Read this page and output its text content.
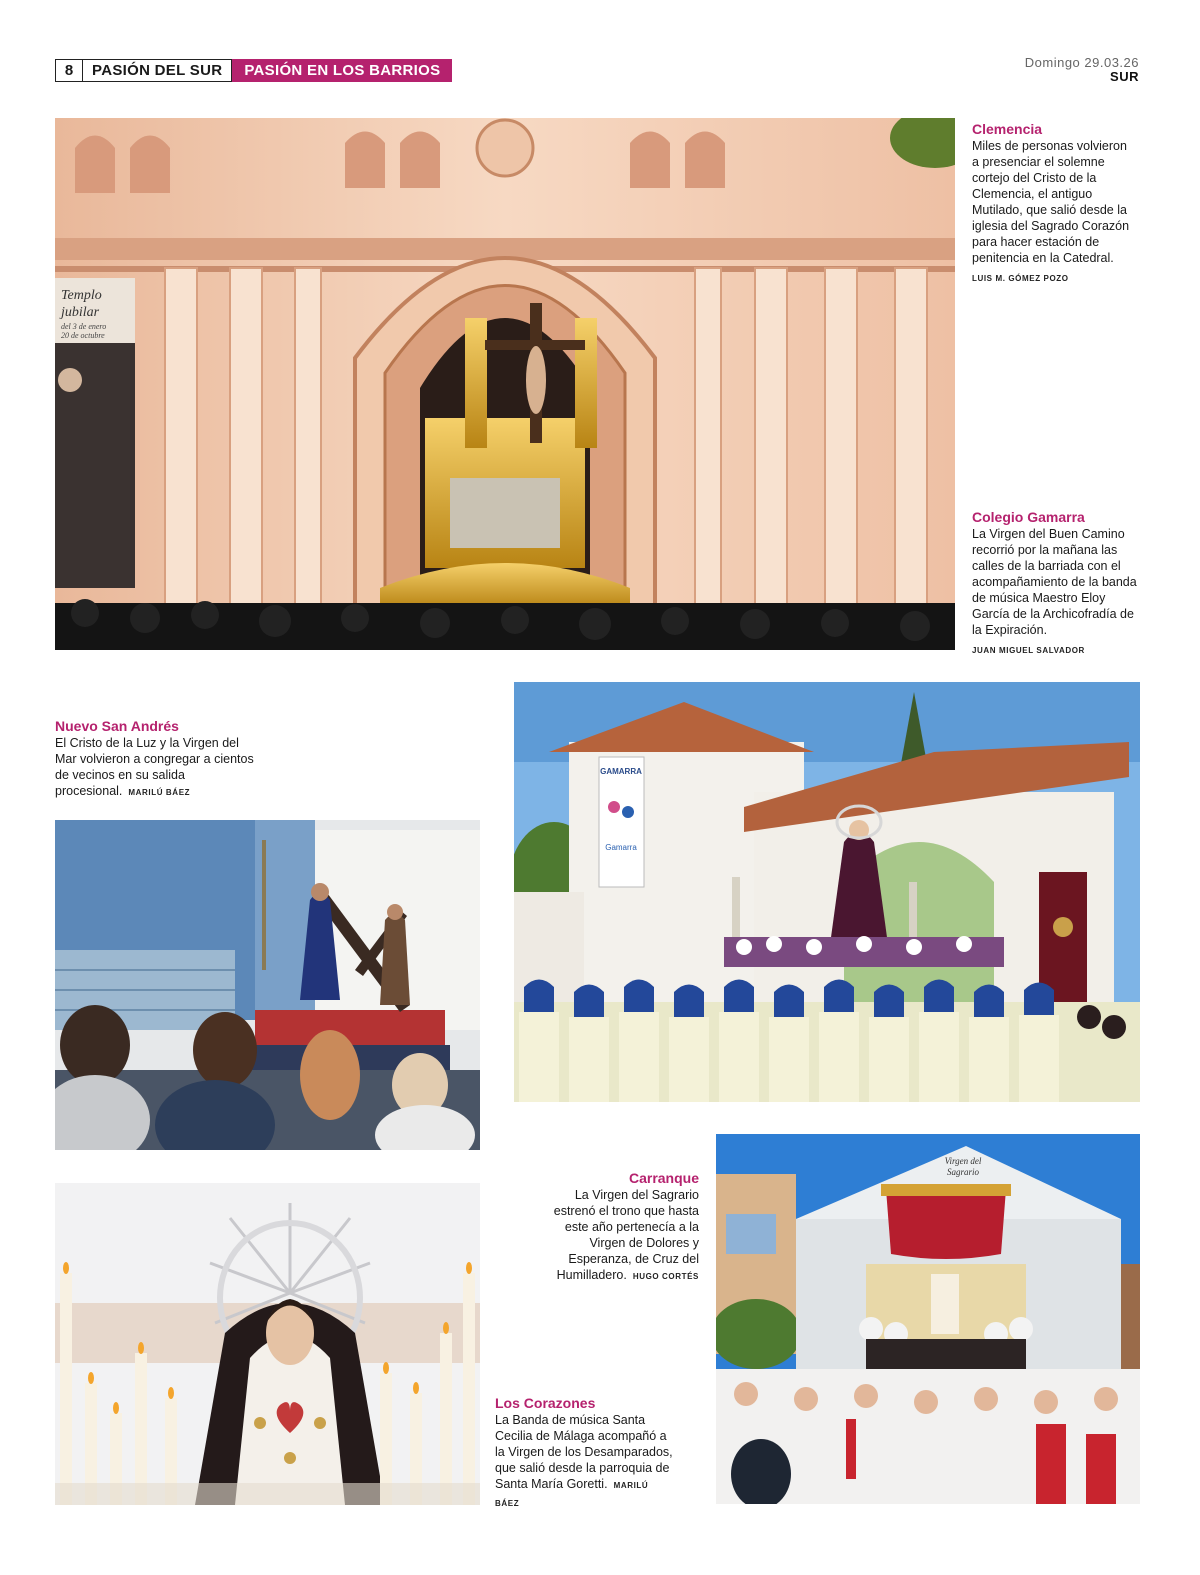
8	PASIÓN DEL SUR	PASIÓN EN LOS BARRIOS	Domingo 29.03.26
SUR
Templo
jubilar
del 3 de enero
20 de octubre
Clemencia

Miles de personas volvieron a presenciar el solemne cortejo del Cristo de la Clemencia, el antiguo Mutilado, que salió desde la iglesia del Sagrado Corazón para hacer estación de penitencia en la Catedral.

LUIS M. GÓMEZ POZO
Colegio Gamarra

La Virgen del Buen Camino recorrió por la mañana las calles de la barriada con el acompañamiento de la banda de música Maestro Eloy García de la Archicofradía de la Expiración.

JUAN MIGUEL SALVADOR
GAMARRA
Gamarra
Nuevo San Andrés

El Cristo de la Luz y la Virgen del Mar volvieron a congregar a cientos de vecinos en su salida procesional. MARILÚ BÁEZ

Carranque

La Virgen del Sagrario estrenó el trono que hasta este año pertenecía a la Virgen de Dolores y Esperanza, de Cruz del Humilladero. HUGO CORTÉS

Virgen del
Sagrario
Los Corazones

La Banda de música Santa Cecilia de Málaga acompañó a la Virgen de los Desamparados, que salió desde la parroquia de Santa María Goretti. MARILÚ BÁEZ
